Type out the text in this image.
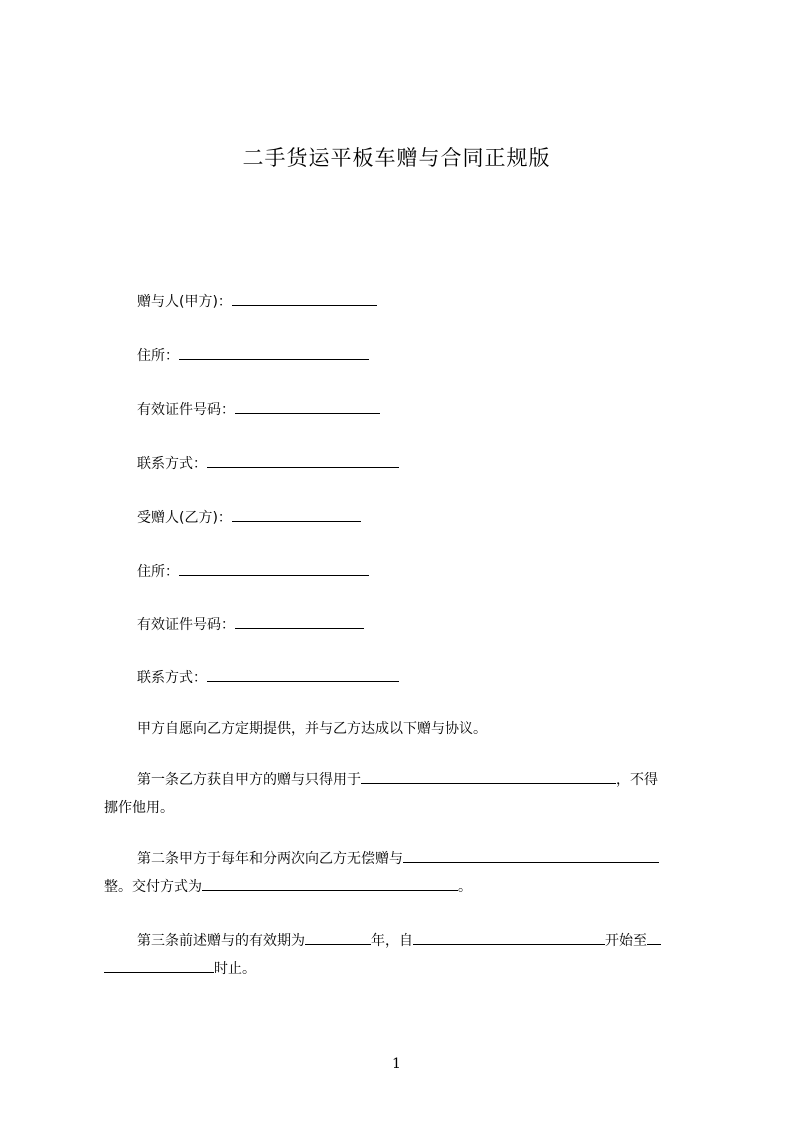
二手货运平板车赠与合同正规版
赠与人(甲方)：
住所：
有效证件号码：
联系方式：
受赠人(乙方)：
住所：
有效证件号码：
联系方式：
甲方自愿向乙方定期提供，并与乙方达成以下赠与协议。
第一条乙方获自甲方的赠与只得用于	，不得
挪作他用。
第二条甲方于每年和分两次向乙方无偿赠与
整。交付方式为	。
第三条前述赠与的有效期为	年，自	开始至
时止。
1
